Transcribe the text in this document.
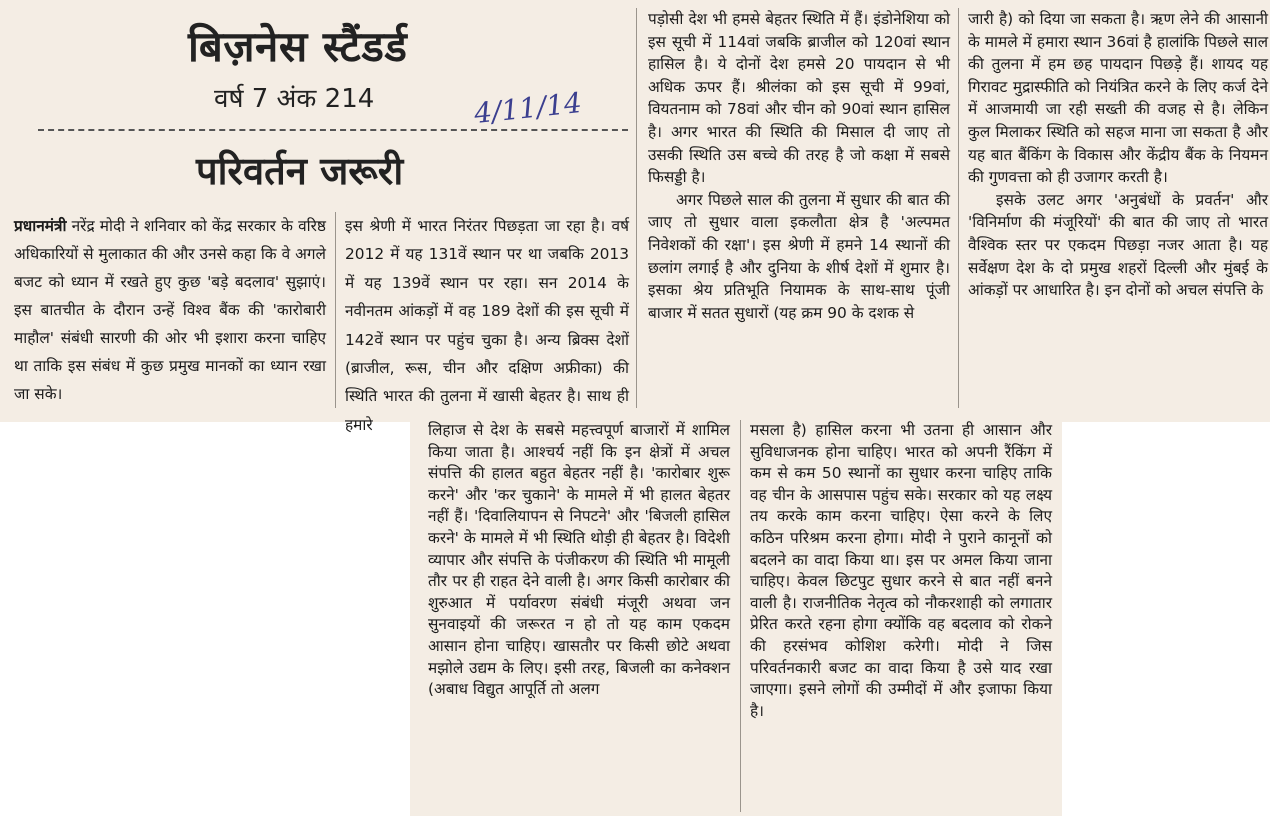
बिज़नेस स्टैंडर्ड
वर्ष 7 अंक 214	4/11/14
परिवर्तन जरूरी

प्रधानमंत्री नरेंद्र मोदी ने शनिवार को केंद्र सरकार के वरिष्ठ अधिकारियों से मुलाकात की और उनसे कहा कि वे अगले बजट को ध्यान में रखते हुए कुछ 'बड़े बदलाव' सुझाएं। इस बातचीत के दौरान उन्हें विश्व बैंक की 'कारोबारी माहौल' संबंधी सारणी की ओर भी इशारा करना चाहिए था ताकि इस संबंध में कुछ प्रमुख मानकों का ध्यान रखा जा सके।

इस श्रेणी में भारत निरंतर पिछड़ता जा रहा है। वर्ष 2012 में यह 131वें स्थान पर था जबकि 2013 में यह 139वें स्थान पर रहा। सन 2014 के नवीनतम आंकड़ों में वह 189 देशों की इस सूची में 142वें स्थान पर पहुंच चुका है। अन्य ब्रिक्स देशों (ब्राजील, रूस, चीन और दक्षिण अफ्रीका) की स्थिति भारत की तुलना में खासी बेहतर है। साथ ही हमारे

पड़ोसी देश भी हमसे बेहतर स्थिति में हैं। इंडोनेशिया को इस सूची में 114वां जबकि ब्राजील को 120वां स्थान हासिल है। ये दोनों देश हमसे 20 पायदान से भी अधिक ऊपर हैं। श्रीलंका को इस सूची में 99वां, वियतनाम को 78वां और चीन को 90वां स्थान हासिल है। अगर भारत की स्थिति की मिसाल दी जाए तो उसकी स्थिति उस बच्चे की तरह है जो कक्षा में सबसे फिसड्डी है।

अगर पिछले साल की तुलना में सुधार की बात की जाए तो सुधार वाला इकलौता क्षेत्र है 'अल्पमत निवेशकों की रक्षा'। इस श्रेणी में हमने 14 स्थानों की छलांग लगाई है और दुनिया के शीर्ष देशों में शुमार है। इसका श्रेय प्रतिभूति नियामक के साथ-साथ पूंजी बाजार में सतत सुधारों (यह क्रम 90 के दशक से

जारी है) को दिया जा सकता है। ऋण लेने की आसानी के मामले में हमारा स्थान 36वां है हालांकि पिछले साल की तुलना में हम छह पायदान पिछड़े हैं। शायद यह गिरावट मुद्रास्फीति को नियंत्रित करने के लिए कर्ज देने में आजमायी जा रही सख्ती की वजह से है। लेकिन कुल मिलाकर स्थिति को सहज माना जा सकता है और यह बात बैंकिंग के विकास और केंद्रीय बैंक के नियमन की गुणवत्ता को ही उजागर करती है।

इसके उलट अगर 'अनुबंधों के प्रवर्तन' और 'विनिर्माण की मंजूरियों' की बात की जाए तो भारत वैश्विक स्तर पर एकदम पिछड़ा नजर आता है। यह सर्वेक्षण देश के दो प्रमुख शहरों दिल्ली और मुंबई के आंकड़ों पर आधारित है। इन दोनों को अचल संपत्ति के

लिहाज से देश के सबसे महत्त्वपूर्ण बाजारों में शामिल किया जाता है। आश्चर्य नहीं कि इन क्षेत्रों में अचल संपत्ति की हालत बहुत बेहतर नहीं है। 'कारोबार शुरू करने' और 'कर चुकाने' के मामले में भी हालत बेहतर नहीं हैं। 'दिवालियापन से निपटने' और 'बिजली हासिल करने' के मामले में भी स्थिति थोड़ी ही बेहतर है। विदेशी व्यापार और संपत्ति के पंजीकरण की स्थिति भी मामूली तौर पर ही राहत देने वाली है। अगर किसी कारोबार की शुरुआत में पर्यावरण संबंधी मंजूरी अथवा जन सुनवाइयों की जरूरत न हो तो यह काम एकदम आसान होना चाहिए। खासतौर पर किसी छोटे अथवा मझोले उद्यम के लिए। इसी तरह, बिजली का कनेक्शन (अबाध विद्युत आपूर्ति तो अलग

मसला है) हासिल करना भी उतना ही आसान और सुविधाजनक होना चाहिए। भारत को अपनी रैंकिंग में कम से कम 50 स्थानों का सुधार करना चाहिए ताकि वह चीन के आसपास पहुंच सके। सरकार को यह लक्ष्य तय करके काम करना चाहिए। ऐसा करने के लिए कठिन परिश्रम करना होगा। मोदी ने पुराने कानूनों को बदलने का वादा किया था। इस पर अमल किया जाना चाहिए। केवल छिटपुट सुधार करने से बात नहीं बनने वाली है। राजनीतिक नेतृत्व को नौकरशाही को लगातार प्रेरित करते रहना होगा क्योंकि वह बदलाव को रोकने की हरसंभव कोशिश करेगी। मोदी ने जिस परिवर्तनकारी बजट का वादा किया है उसे याद रखा जाएगा। इसने लोगों की उम्मीदों में और इजाफा किया है।
